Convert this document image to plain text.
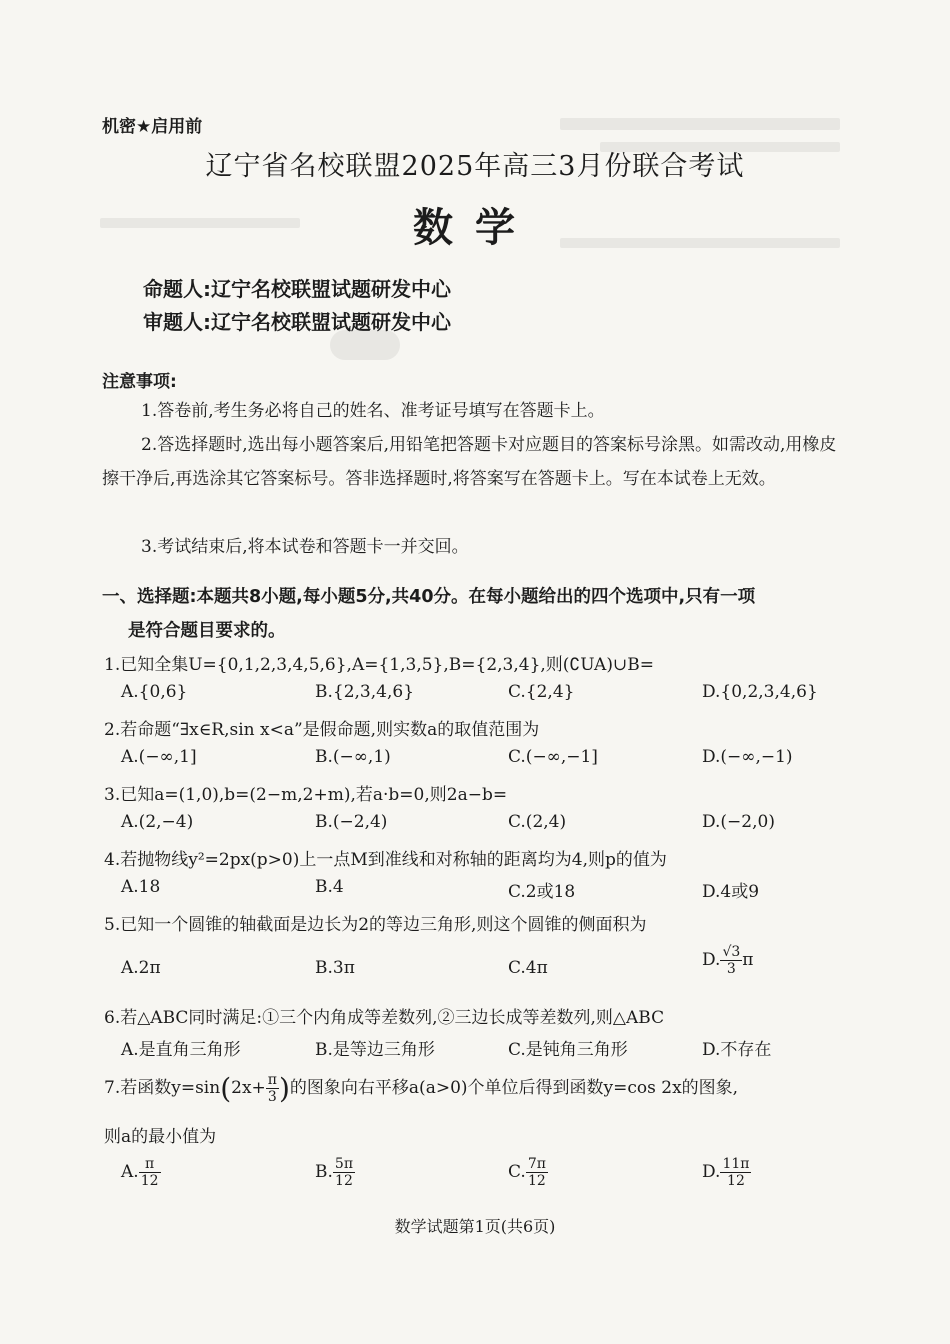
机密★启用前
辽宁省名校联盟2025年高三3月份联合考试
数学
命题人:辽宁名校联盟试题研发中心
审题人:辽宁名校联盟试题研发中心
注意事项:
1.答卷前,考生务必将自己的姓名、准考证号填写在答题卡上。
2.答选择题时,选出每小题答案后,用铅笔把答题卡对应题目的答案标号涂黑。如需改动,用橡皮擦干净后,再选涂其它答案标号。答非选择题时,将答案写在答题卡上。写在本试卷上无效。
3.考试结束后,将本试卷和答题卡一并交回。
一、选择题:本题共8小题,每小题5分,共40分。在每小题给出的四个选项中,只有一项
是符合题目要求的。
1.已知全集U={0,1,2,3,4,5,6},A={1,3,5},B={2,3,4},则(∁UA)∪B=
A.{0,6}	B.{2,3,4,6}	C.{2,4}	D.{0,2,3,4,6}
2.若命题“∃x∈R,sin x<a”是假命题,则实数a的取值范围为
A.(−∞,1]	B.(−∞,1)	C.(−∞,−1]	D.(−∞,−1)
3.已知a=(1,0),b=(2−m,2+m),若a·b=0,则2a−b=
A.(2,−4)	B.(−2,4)	C.(2,4)	D.(−2,0)
4.若抛物线y²=2px(p>0)上一点M到准线和对称轴的距离均为4,则p的值为
A.18	B.4	C.2或18	D.4或9
5.已知一个圆锥的轴截面是边长为2的等边三角形,则这个圆锥的侧面积为
A.2π	B.3π	C.4π	D. $\frac{√3}{3}$ π
6.若△ABC同时满足:①三个内角成等差数列,②三边长成等差数列,则△ABC
A.是直角三角形	B.是等边三角形	C.是钝角三角形	D.不存在
7.若函数$y=\sin(2x+ \frac{\pi}{3}$ )的图象向右平移a(a>0)个单位后得到函数y=cos 2x的图象,
则a的最小值为
A. $\frac{\pi}{12}$	B. $\frac{5\pi}{12}$	C. $\frac{7\pi}{12}$	D. $\frac{11\pi}{12}$
数学试题第1页(共6页)
